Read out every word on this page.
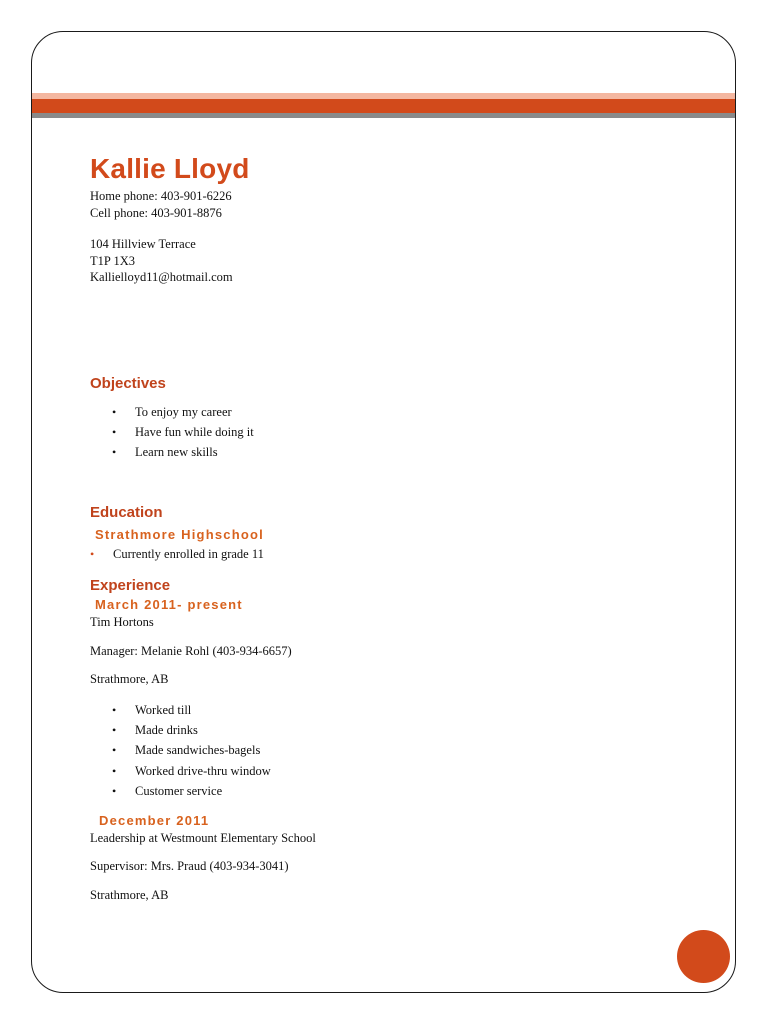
Kallie Lloyd

Home phone: 403-901-6226

Cell phone: 403-901-8876

104 Hillview Terrace

T1P 1X3

Kallielloyd11@hotmail.com

Objectives
• To enjoy my career
• Have fun while doing it
• Learn new skills
Education
Strathmore Highschool
• Currently enrolled in grade 11
Experience
March 2011- present

Tim Hortons

Manager: Melanie Rohl (403-934-6657)

Strathmore, AB

• Worked till
• Made drinks
• Made sandwiches-bagels
• Worked drive-thru window
• Customer service
December 2011

Leadership at Westmount Elementary School

Supervisor: Mrs. Praud (403-934-3041)

Strathmore, AB
